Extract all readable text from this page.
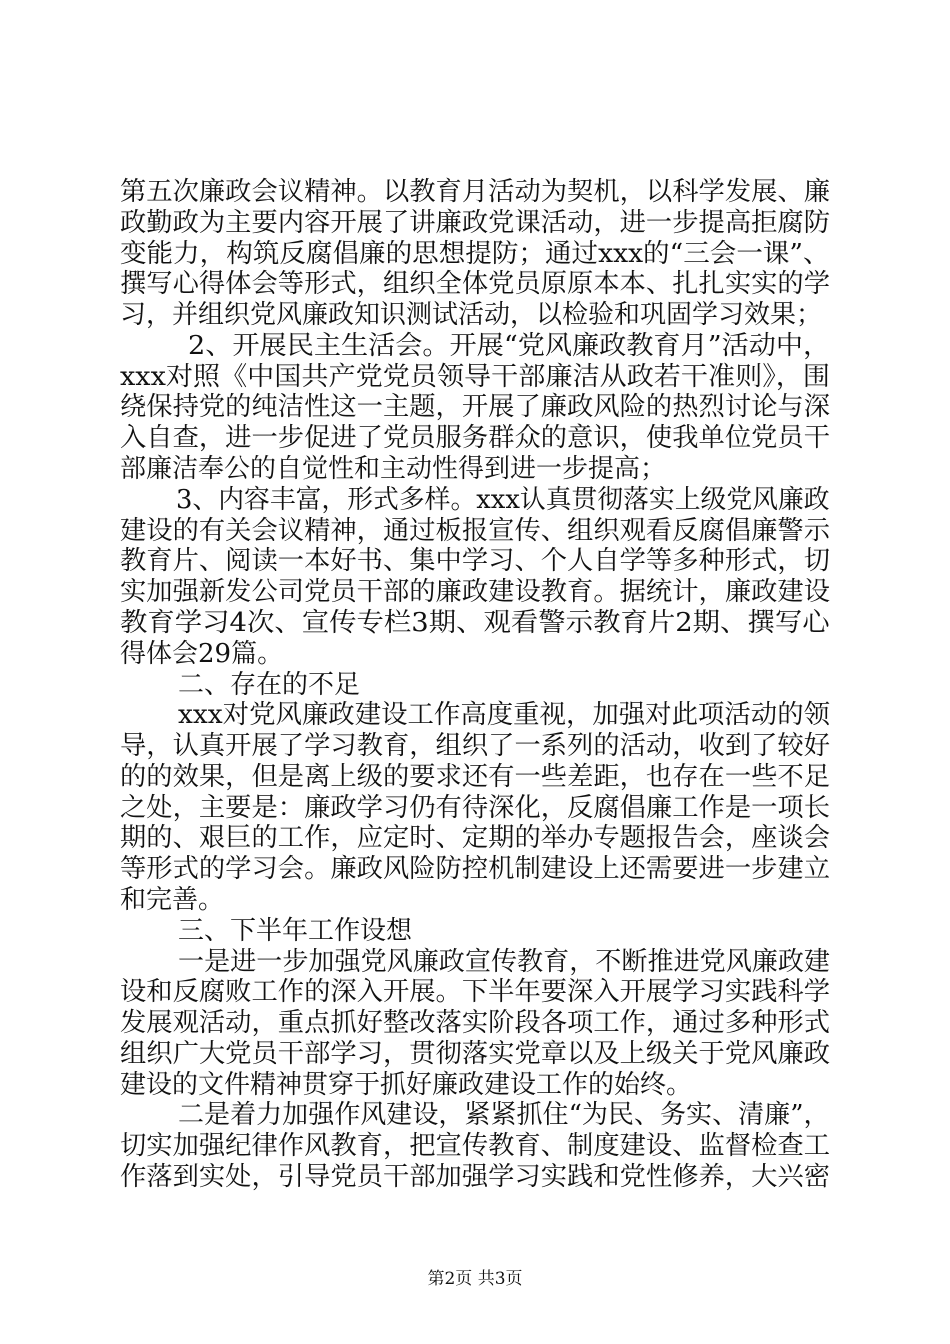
第五次廉政会议精神。以教育月活动为契机，以科学发展、廉
政勤政为主要内容开展了讲廉政党课活动，进一步提高拒腐防
变能力，构筑反腐倡廉的思想提防；通过xxx的“三会一课”、
撰写心得体会等形式，组织全体党员原原本本、扎扎实实的学
习，并组织党风廉政知识测试活动，以检验和巩固学习效果；
2、开展民主生活会。开展“党风廉政教育月”活动中，
xxx对照《中国共产党党员领导干部廉洁从政若干准则》，围
绕保持党的纯洁性这一主题，开展了廉政风险的热烈讨论与深
入自查，进一步促进了党员服务群众的意识，使我单位党员干
部廉洁奉公的自觉性和主动性得到进一步提高；
3、内容丰富，形式多样。xxx认真贯彻落实上级党风廉政
建设的有关会议精神，通过板报宣传、组织观看反腐倡廉警示
教育片、阅读一本好书、集中学习、个人自学等多种形式，切
实加强新发公司党员干部的廉政建设教育。据统计，廉政建设
教育学习4次、宣传专栏3期、观看警示教育片2期、撰写心
得体会29篇。
二、存在的不足
xxx对党风廉政建设工作高度重视，加强对此项活动的领
导，认真开展了学习教育，组织了一系列的活动，收到了较好
的的效果，但是离上级的要求还有一些差距，也存在一些不足
之处，主要是：廉政学习仍有待深化，反腐倡廉工作是一项长
期的、艰巨的工作，应定时、定期的举办专题报告会，座谈会
等形式的学习会。廉政风险防控机制建设上还需要进一步建立
和完善。
三、下半年工作设想
一是进一步加强党风廉政宣传教育，不断推进党风廉政建
设和反腐败工作的深入开展。下半年要深入开展学习实践科学
发展观活动，重点抓好整改落实阶段各项工作，通过多种形式
组织广大党员干部学习，贯彻落实党章以及上级关于党风廉政
建设的文件精神贯穿于抓好廉政建设工作的始终。
二是着力加强作风建设，紧紧抓住“为民、务实、清廉”，
切实加强纪律作风教育，把宣传教育、制度建设、监督检查工
作落到实处，引导党员干部加强学习实践和党性修养，大兴密
第2页 共3页
